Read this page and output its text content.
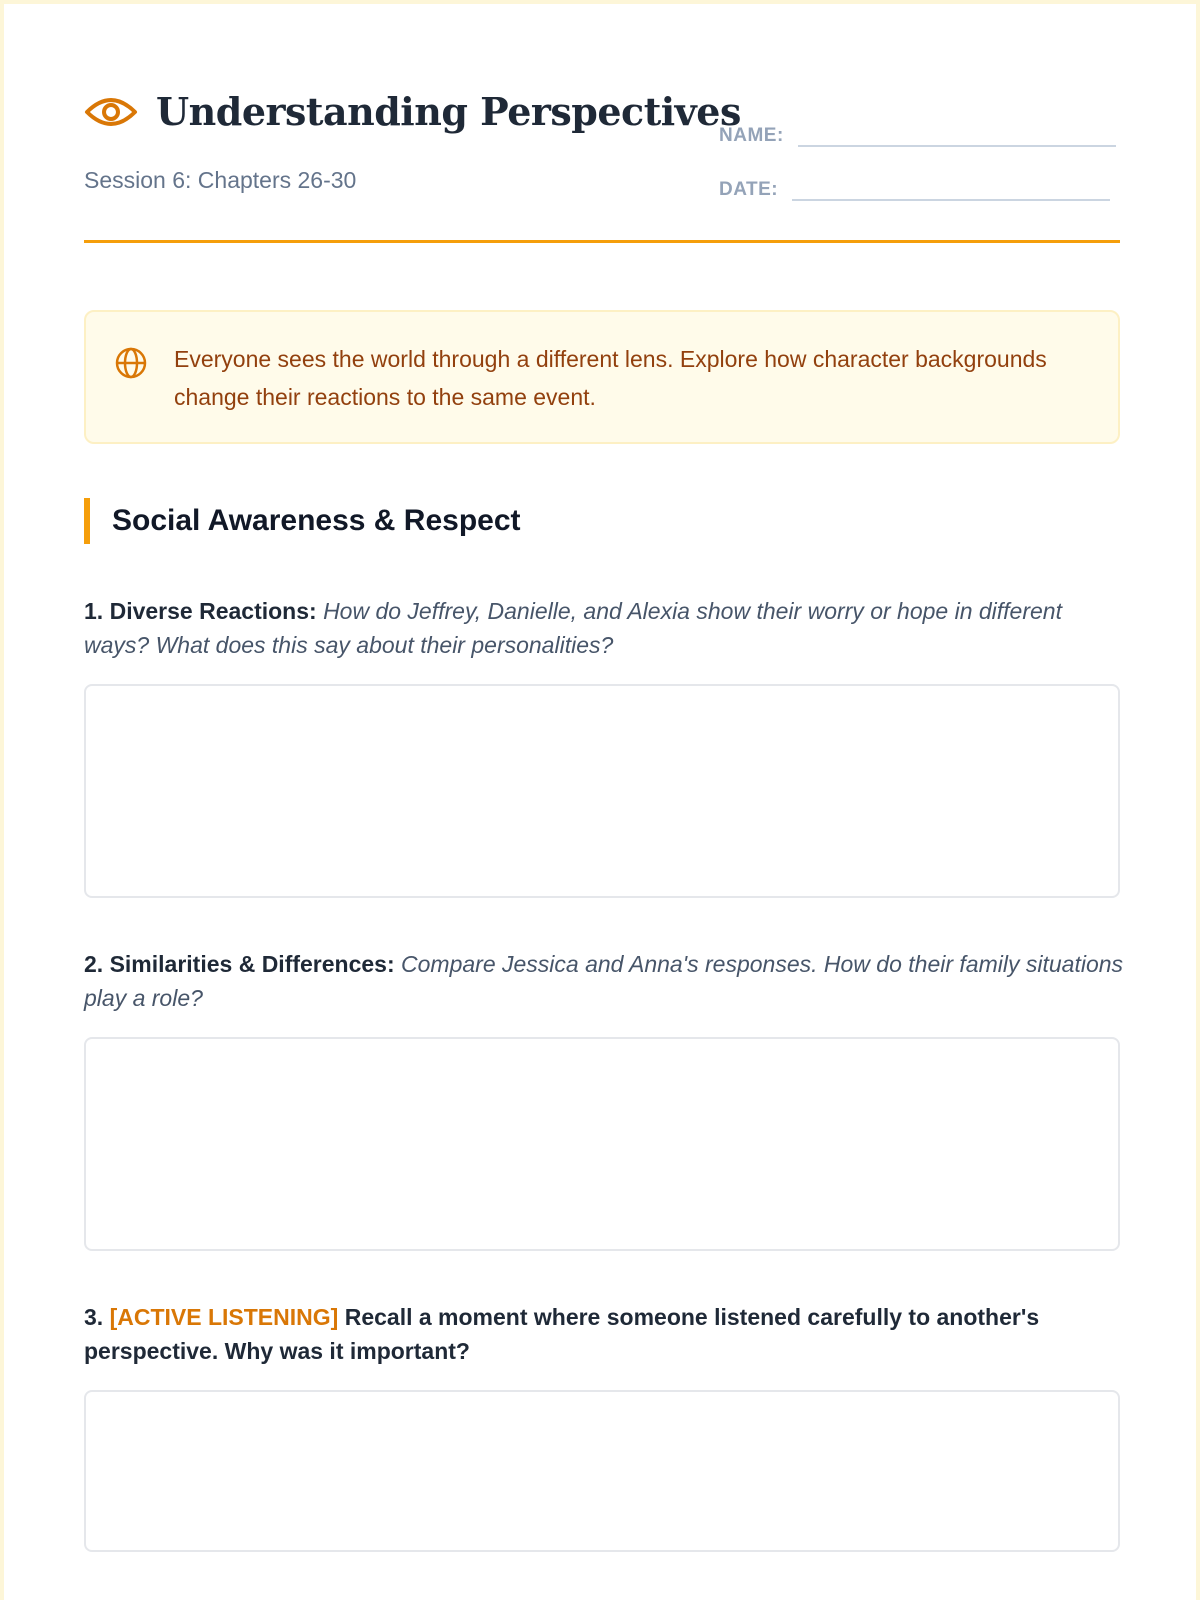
Understanding Perspectives
Session 6: Chapters 26-30
NAME:
DATE:
Everyone sees the world through a different lens. Explore how character backgrounds change their reactions to the same event.
Social Awareness & Respect
1. Diverse Reactions: How do Jeffrey, Danielle, and Alexia show their worry or hope in different ways? What does this say about their personalities?
2. Similarities & Differences: Compare Jessica and Anna's responses. How do their family situations play a role?
3. [ACTIVE LISTENING] Recall a moment where someone listened carefully to another's perspective. Why was it important?
